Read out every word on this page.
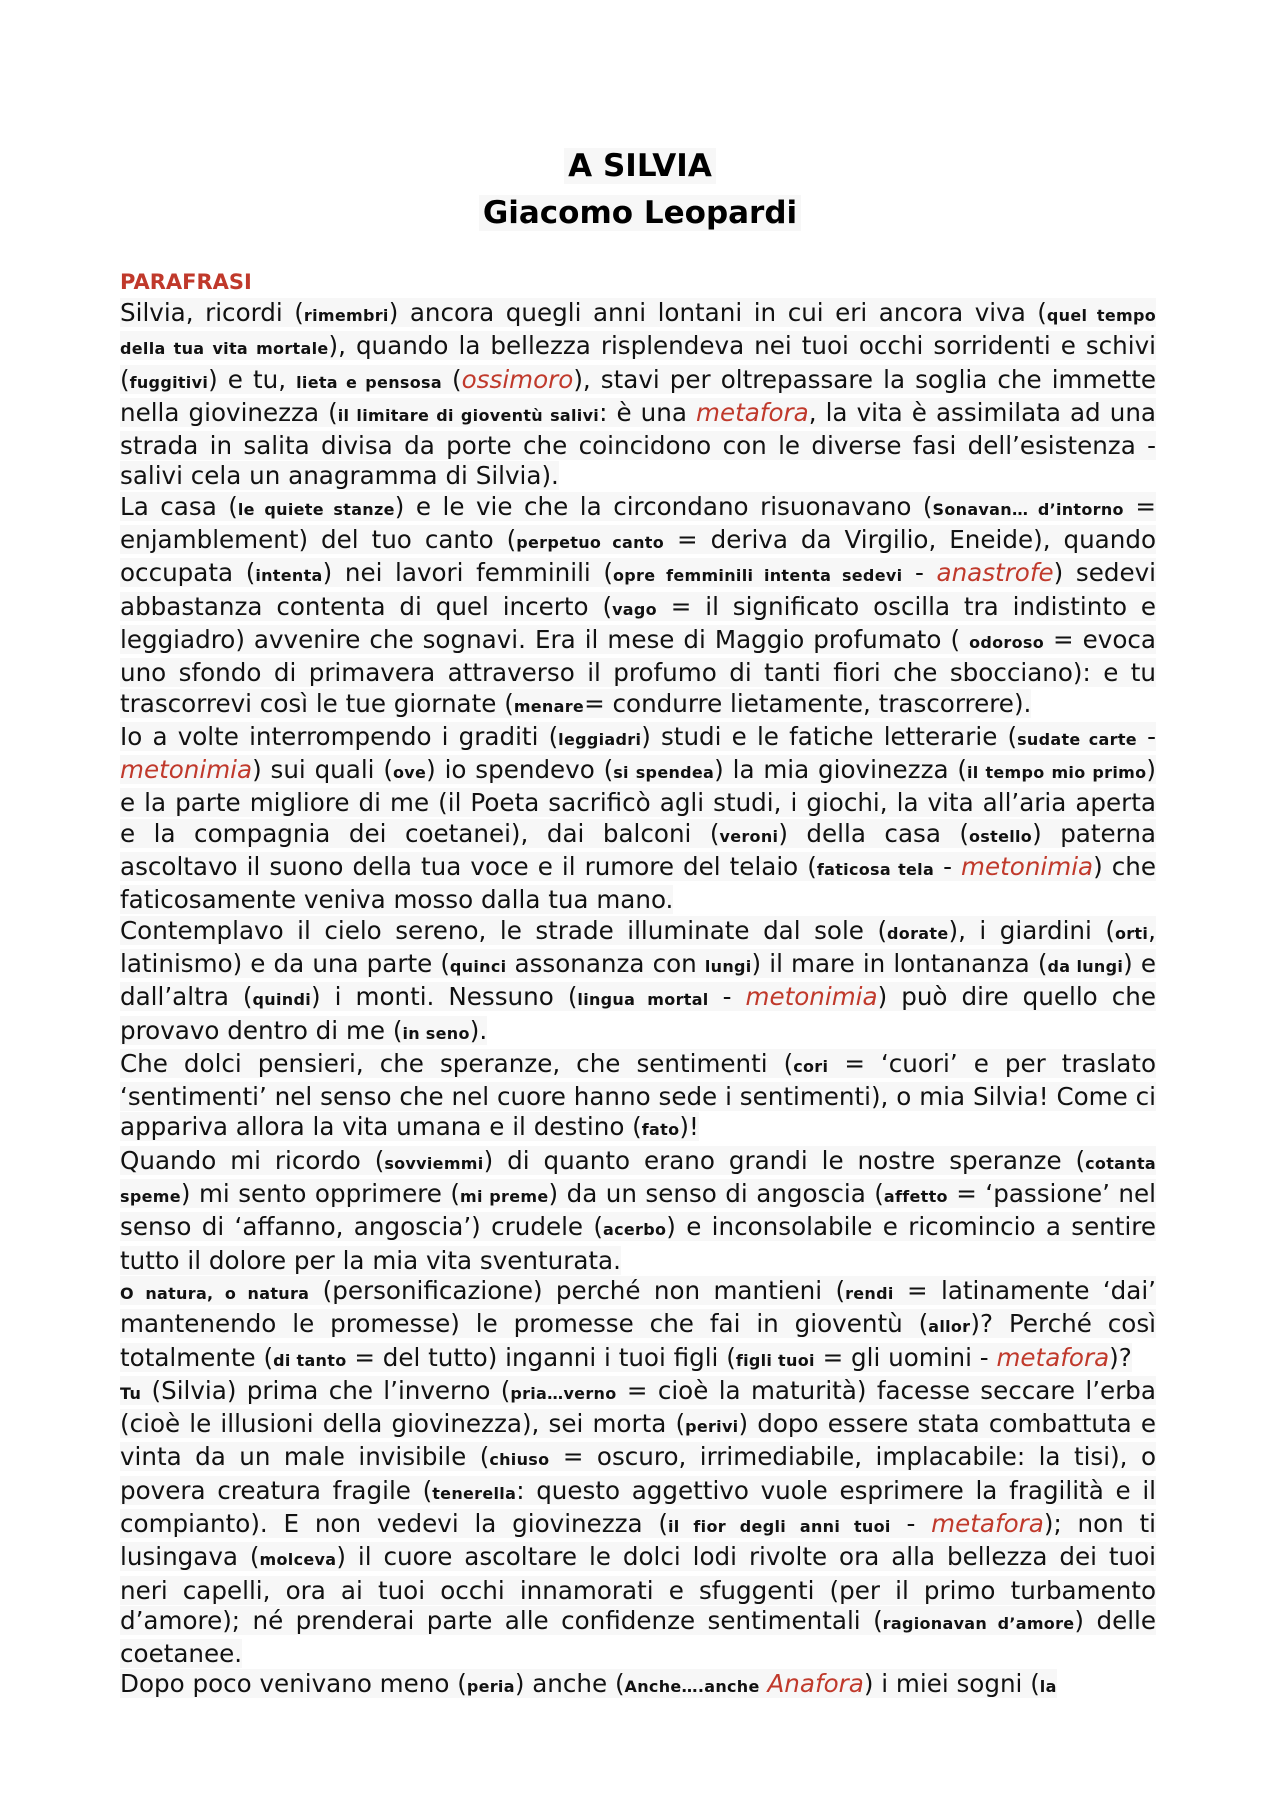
A SILVIA
Giacomo Leopardi
PARAFRASI

Silvia, ricordi (rimembri) ancora quegli anni lontani in cui eri ancora viva (quel tempo della tua vita mortale), quando la bellezza risplendeva nei tuoi occhi sorridenti e schivi (fuggitivi) e tu, lieta e pensosa (ossimoro), stavi per oltrepassare la soglia che immette nella giovinezza (il limitare di gioventù salivi: è una metafora, la vita è assimilata ad una strada in salita divisa da porte che coincidono con le diverse fasi dell’esistenza - salivi cela un anagramma di Silvia).

La casa (le quiete stanze) e le vie che la circondano risuonavano (Sonavan… d’intorno = enjamblement) del tuo canto (perpetuo canto = deriva da Virgilio, Eneide), quando occupata (intenta) nei lavori femminili (opre femminili intenta sedevi - anastrofe) sedevi abbastanza contenta di quel incerto (vago = il significato oscilla tra indistinto e leggiadro) avvenire che sognavi. Era il mese di Maggio profumato ( odoroso = evoca uno sfondo di primavera attraverso il profumo di tanti fiori che sbocciano): e tu trascorrevi così le tue giornate (menare= condurre lietamente, trascorrere).

Io a volte interrompendo i graditi (leggiadri) studi e le fatiche letterarie (sudate carte - metonimia) sui quali (ove) io spendevo (si spendea) la mia giovinezza (il tempo mio primo) e la parte migliore di me (il Poeta sacrificò agli studi, i giochi, la vita all’aria aperta e la compagnia dei coetanei), dai balconi (veroni) della casa (ostello) paterna ascoltavo il suono della tua voce e il rumore del telaio (faticosa tela - metonimia) che faticosamente veniva mosso dalla tua mano.

Contemplavo il cielo sereno, le strade illuminate dal sole (dorate), i giardini (orti, latinismo) e da una parte (quinci assonanza con lungi) il mare in lontananza (da lungi) e dall’altra (quindi) i monti. Nessuno (lingua mortal - metonimia) può dire quello che provavo dentro di me (in seno).

Che dolci pensieri, che speranze, che sentimenti (cori = ‘cuori’ e per traslato ‘sentimenti’ nel senso che nel cuore hanno sede i sentimenti), o mia Silvia! Come ci appariva allora la vita umana e il destino (fato)!

Quando mi ricordo (sovviemmi) di quanto erano grandi le nostre speranze (cotanta speme) mi sento opprimere (mi preme) da un senso di angoscia (affetto = ‘passione’ nel senso di ‘affanno, angoscia’) crudele (acerbo) e inconsolabile e ricomincio a sentire tutto il dolore per la mia vita sventurata.

O natura, o natura (personificazione) perché non mantieni (rendi = latinamente ‘dai’ mantenendo le promesse) le promesse che fai in gioventù (allor)? Perché così totalmente (di tanto = del tutto) inganni i tuoi figli (figli tuoi = gli uomini - metafora)?

Tu (Silvia) prima che l’inverno (pria…verno = cioè la maturità) facesse seccare l’erba (cioè le illusioni della giovinezza), sei morta (perivi) dopo essere stata combattuta e vinta da un male invisibile (chiuso = oscuro, irrimediabile, implacabile: la tisi), o povera creatura fragile (tenerella: questo aggettivo vuole esprimere la fragilità e il compianto). E non vedevi la giovinezza (il fior degli anni tuoi - metafora); non ti lusingava (molceva) il cuore ascoltare le dolci lodi rivolte ora alla bellezza dei tuoi neri capelli, ora ai tuoi occhi innamorati e sfuggenti (per il primo turbamento d’amore); né prenderai parte alle confidenze sentimentali (ragionavan d’amore) delle coetanee.

Dopo poco venivano meno (peria) anche (Anche….anche Anafora) i miei sogni (la
